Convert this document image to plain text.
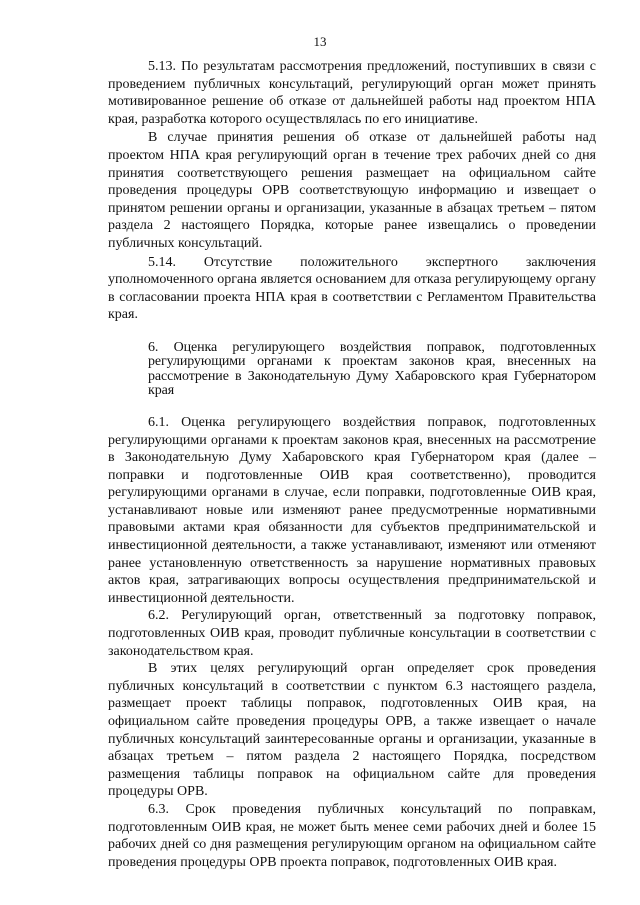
13

5.13. По результатам рассмотрения предложений, поступивших в связи с проведением публичных консультаций, регулирующий орган может принять мотивированное решение об отказе от дальнейшей работы над проектом НПА края, разработка которого осуществлялась по его инициативе.

В случае принятия решения об отказе от дальнейшей работы над проектом НПА края регулирующий орган в течение трех рабочих дней со дня принятия соответствующего решения размещает на официальном сайте проведения процедуры ОРВ соответствующую информацию и извещает о принятом решении органы и организации, указанные в абзацах третьем – пятом раздела 2 настоящего Порядка, которые ранее извещались о проведении публичных консультаций.

5.14. Отсутствие положительного экспертного заключения уполномоченного органа является основанием для отказа регулирующему органу в согласовании проекта НПА края в соответствии с Регламентом Правительства края.

6. Оценка регулирующего воздействия поправок, подготовленных регулирующими органами к проектам законов края, внесенных на рассмотрение в Законодательную Думу Хабаровского края Губернатором края

6.1. Оценка регулирующего воздействия поправок, подготовленных регулирующими органами к проектам законов края, внесенных на рассмотрение в Законодательную Думу Хабаровского края Губернатором края (далее – поправки и подготовленные ОИВ края соответственно), проводится регулирующими органами в случае, если поправки, подготовленные ОИВ края, устанавливают новые или изменяют ранее предусмотренные нормативными правовыми актами края обязанности для субъектов предпринимательской и инвестиционной деятельности, а также устанавливают, изменяют или отменяют ранее установленную ответственность за нарушение нормативных правовых актов края, затрагивающих вопросы осуществления предпринимательской и инвестиционной деятельности.

6.2. Регулирующий орган, ответственный за подготовку поправок, подготовленных ОИВ края, проводит публичные консультации в соответствии с законодательством края.

В этих целях регулирующий орган определяет срок проведения публичных консультаций в соответствии с пунктом 6.3 настоящего раздела, размещает проект таблицы поправок, подготовленных ОИВ края, на официальном сайте проведения процедуры ОРВ, а также извещает о начале публичных консультаций заинтересованные органы и организации, указанные в абзацах третьем – пятом раздела 2 настоящего Порядка, посредством размещения таблицы поправок на официальном сайте для проведения процедуры ОРВ.

6.3. Срок проведения публичных консультаций по поправкам, подготовленным ОИВ края, не может быть менее семи рабочих дней и более 15 рабочих дней со дня размещения регулирующим органом на официальном сайте проведения процедуры ОРВ проекта поправок, подготовленных ОИВ края.
